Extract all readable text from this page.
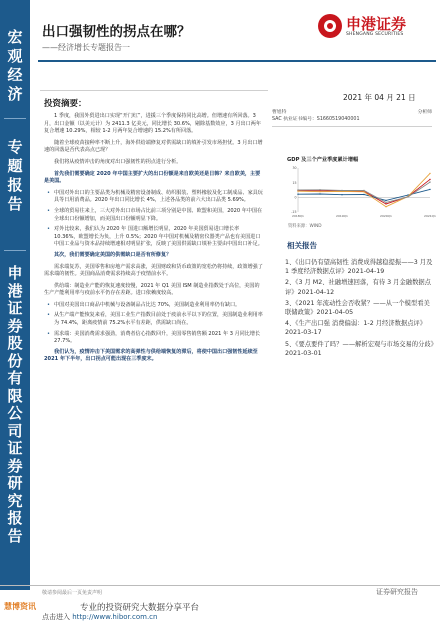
宏观经济
专题报告
申港证券股份有限公司证券研究报告
出口强韧性的拐点在哪？
——经济增长专题报告一
申港证券
SHENGANG SECURITIES
投资摘要：

1 季度，我国外贸进出口实现“开门红”，进援三个季度保持同比高增。但增速有所回落。3 月，出口金额（以美元计）为 2411.3 亿美元，同比增长 30.6%，剔除基数效应，3 月出口两年复合增速 10.29%，相较 1-2 月两年复合增速的 15.2%有所回落。

随着全球疫苗接种率不断上升，海外供给端修复对供需缺口的填补引发市场担忧。3 月出口增速的回落是否代表高点已现？

我们将从疫情冲击的角度对出口强韧性的拐点进行分析。

首先我们需要确定 2020 年中国主要扩大的出口份额是来自欧美还是日韩？来自欧美，主要是美国。

• 中国对外出口的主要品类为机械及精密设备制成、纺织服装、塑料橡胶及化工制成品、家具玩具等日用消费品。2020 年出口同比增长 4%，上述各品类的前六大出口品类 5.69%。

• 全球的贸易往来上，三大对外出口市场占比前三项分别是中国、欧盟和美国，2020 年中国在全球出口份额增加，而美国出口份额明显下降。

• 对外比较来，我们认为 2020 年 国进口额增长明显，2020 年美国贸易进口增长率 10.36%，欧盟增长为负，上升 0.5%；2020 年中国对机械及精密仪器类产品也有美国进口中国工业品与资本品持续增速相对明显扩张，反映了美国供需缺口填补主要由中国出口补足。

其次，我们需要确定美国的供需缺口是否有所修复？

需求端复苏，美国零售和房地产需求高涨，美国财政和货币政策的宽松仍将持续，政策增强了需求端的韧性。美国商品消费需求持续高于疫情前水平。

供给端：制造业产能的恢复速度较慢，2021 年 Q1 美国 ISM 制造业指数处于高位，美国的生产产能利用率与疫前水平仍存在差距。进口依赖度较高。

• 中国对美国出口商品中机械与设备制品占比达 70%，美国制造业利用率仍有缺口。

• 从生产端产能恢复来看，美国工业生产指数目前处于疫前水平以下的位置，美国制造业利用率为 74.4%，距离疫情前 75.2%水平有差距，供需缺口尚在。

• 需求端：美国消费需求强劲，消费者信心指数回升，美国零售销售额 2021 年 3 月同比增长 27.7%。

我们认为，疫情冲击下美国需求的高弹性与供给端恢复的滞后，将使中国出口强韧性延续至 2021 年下半年，出口拐点可能出现在三季度末。

2021 年 04 月 21 日
曹旭特	分析师
SAC 执业证书编号：S1660519040001
GDP 及三个产业季度累计增幅
-15
0
15
30
2018Q1	2019Q1	2020Q1	2021Q1
资料来源：WIND
相关报告
1、《出口仍有望高韧性 消费成得越稳提振——3 月及 1 季度经济数据点评》2021-04-19
2、《3 月 M2、社融增速回落，有待 3 月金融数据点评》2021-04-12
3、《2021 年流动性会否收紧？——从一个模型看美联储政策》2021-04-05
4、《生产出口强 消费偏弱：1-2 月经济数据点评》2021-03-17
5、《要点要件了吗？——解析宏观与市场交易的分歧》2021-03-01
敬请参阅最后一页免责声明	证券研究报告
慧博资讯	专业的投资研究大数据分享平台
点击进入 http://www.hibor.com.cn
